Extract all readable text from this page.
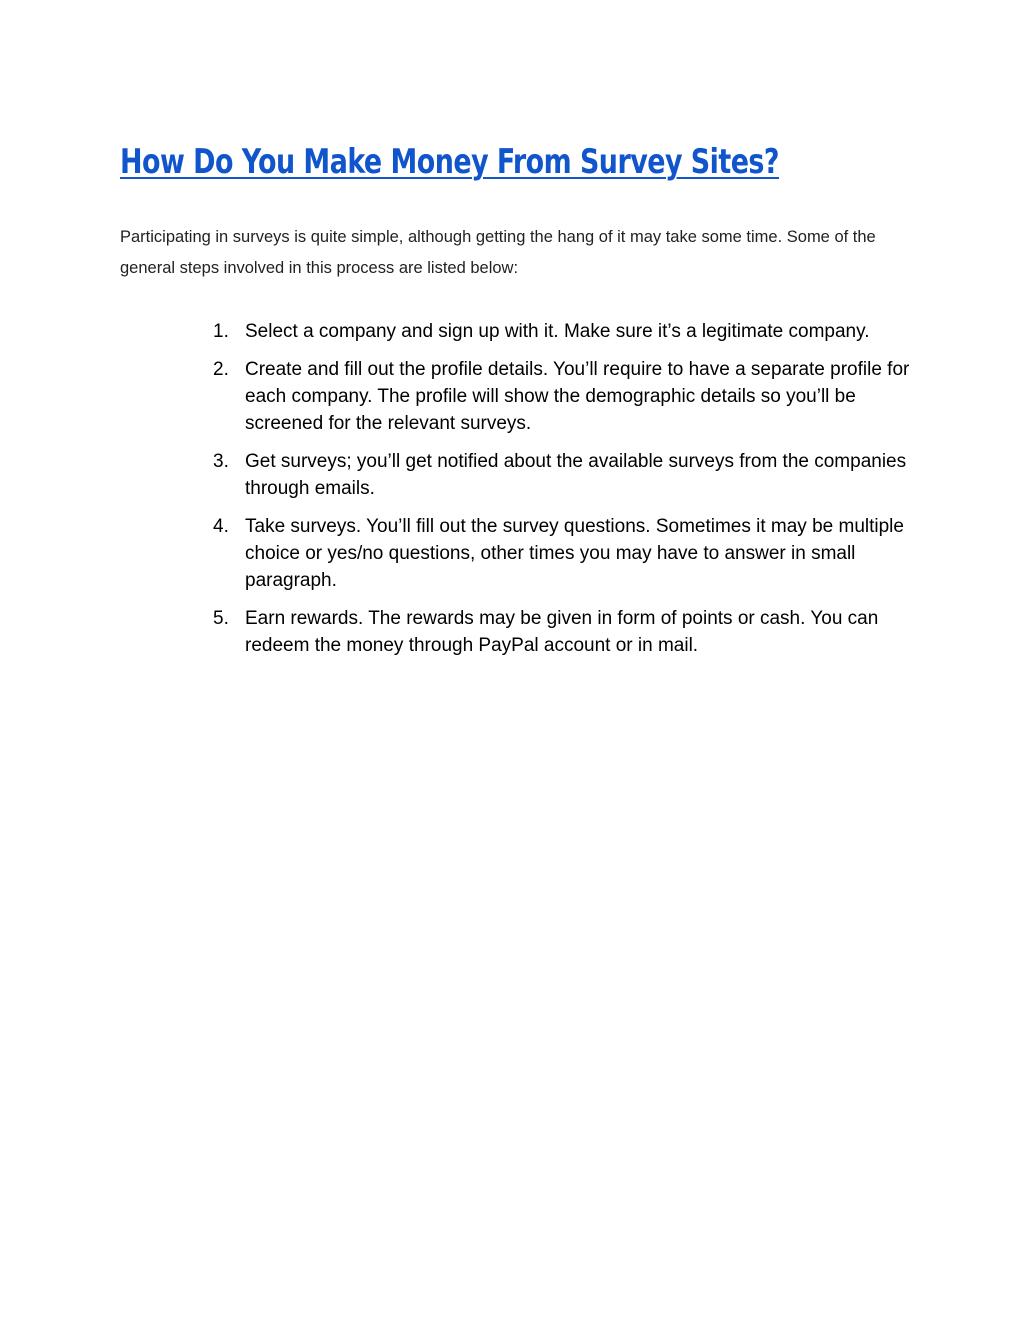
How Do You Make Money From Survey Sites?

Participating in surveys is quite simple, although getting the hang of it may take some time. Some of the general steps involved in this process are listed below:

1. Select a company and sign up with it. Make sure it’s a legitimate company.
2. Create and fill out the profile details. You’ll require to have a separate profile for each company. The profile will show the demographic details so you’ll be screened for the relevant surveys.
3. Get surveys; you’ll get notified about the available surveys from the companies through emails.
4. Take surveys. You’ll fill out the survey questions. Sometimes it may be multiple choice or yes/no questions, other times you may have to answer in small paragraph.
5. Earn rewards. The rewards may be given in form of points or cash. You can redeem the money through PayPal account or in mail.
